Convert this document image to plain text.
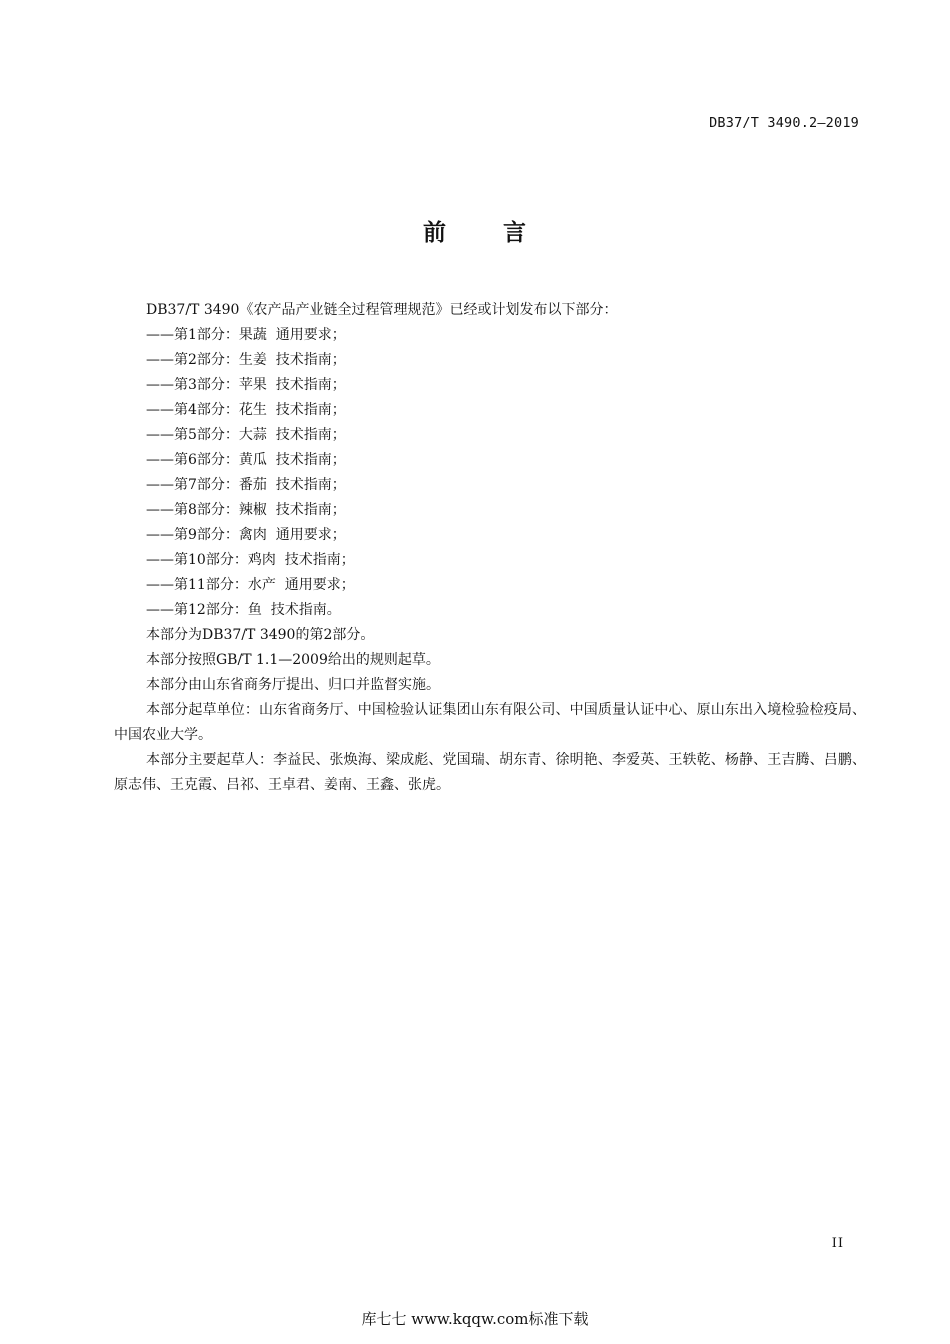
DB37/T 3490.2—2019
前 言

DB37/T 3490《农产品产业链全过程管理规范》已经或计划发布以下部分：

——第1部分：果蔬  通用要求；

——第2部分：生姜  技术指南；

——第3部分：苹果  技术指南；

——第4部分：花生  技术指南；

——第5部分：大蒜  技术指南；

——第6部分：黄瓜  技术指南；

——第7部分：番茄  技术指南；

——第8部分：辣椒  技术指南；

——第9部分：禽肉  通用要求；

——第10部分：鸡肉  技术指南；

——第11部分：水产  通用要求；

——第12部分：鱼  技术指南。

本部分为DB37/T 3490的第2部分。

本部分按照GB/T 1.1—2009给出的规则起草。

本部分由山东省商务厅提出、归口并监督实施。

本部分起草单位：山东省商务厅、中国检验认证集团山东有限公司、中国质量认证中心、原山东出入境检验检疫局、中国农业大学。

本部分主要起草人：李益民、张焕海、梁成彪、党国瑞、胡东青、徐明艳、李爱英、王轶乾、杨静、王吉腾、吕鹏、原志伟、王克霞、吕祁、王卓君、姜南、王鑫、张虎。

II
库七七 www.kqqw.com标准下载
